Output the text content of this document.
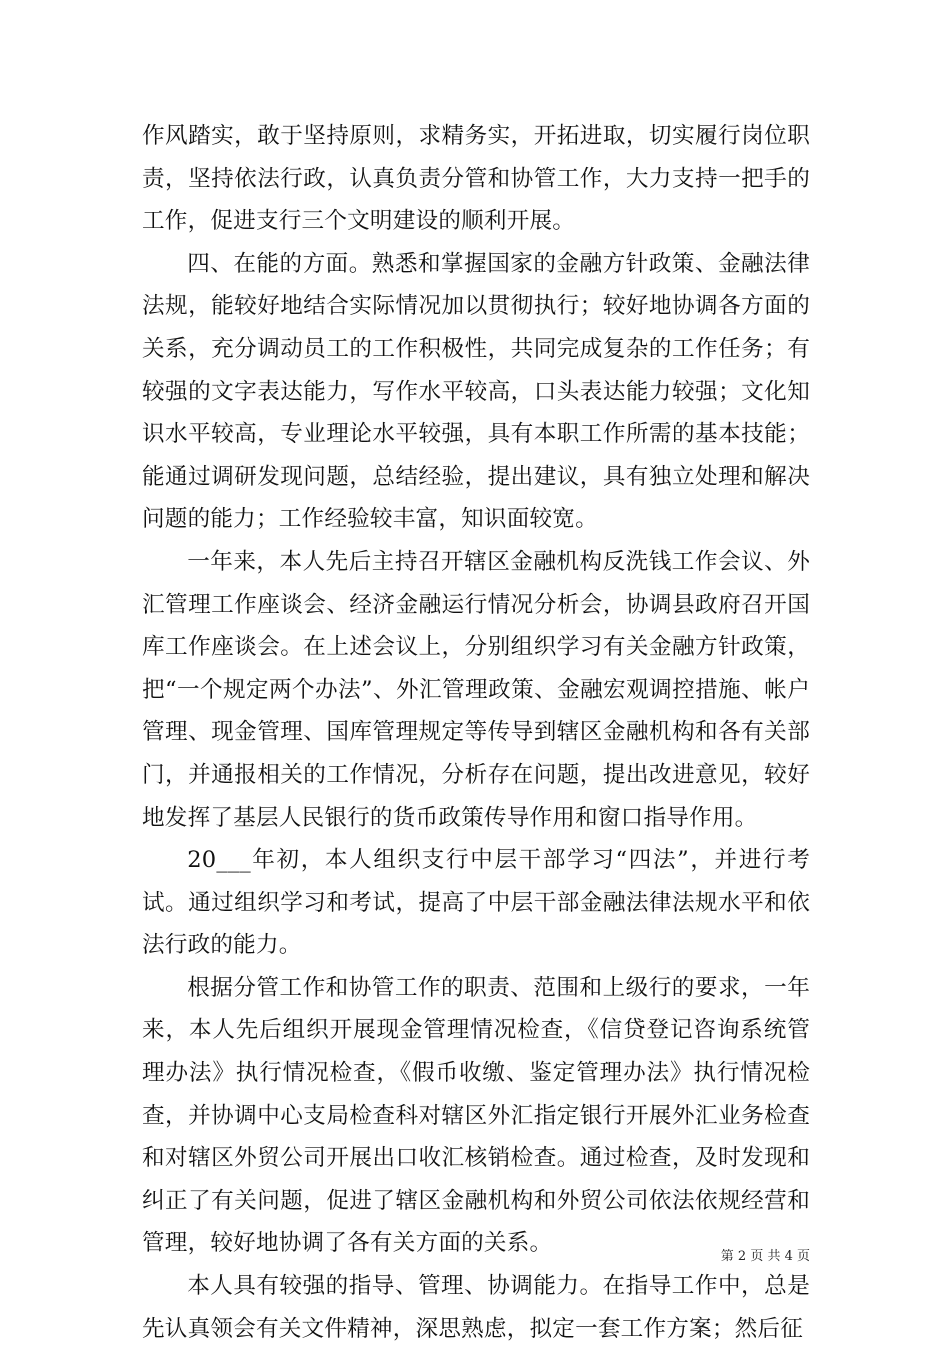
作风踏实，敢于坚持原则，求精务实，开拓进取，切实履行岗位职责，坚持依法行政，认真负责分管和协管工作，大力支持一把手的工作，促进支行三个文明建设的顺利开展。

四、在能的方面。熟悉和掌握国家的金融方针政策、金融法律法规，能较好地结合实际情况加以贯彻执行；较好地协调各方面的关系，充分调动员工的工作积极性，共同完成复杂的工作任务；有较强的文字表达能力，写作水平较高，口头表达能力较强；文化知识水平较高，专业理论水平较强，具有本职工作所需的基本技能；能通过调研发现问题，总结经验，提出建议，具有独立处理和解决问题的能力；工作经验较丰富，知识面较宽。

一年来，本人先后主持召开辖区金融机构反洗钱工作会议、外汇管理工作座谈会、经济金融运行情况分析会，协调县政府召开国库工作座谈会。在上述会议上，分别组织学习有关金融方针政策，把“一个规定两个办法”、外汇管理政策、金融宏观调控措施、帐户管理、现金管理、国库管理规定等传导到辖区金融机构和各有关部门，并通报相关的工作情况，分析存在问题，提出改进意见，较好地发挥了基层人民银行的货币政策传导作用和窗口指导作用。

20___年初，本人组织支行中层干部学习“四法”，并进行考试。通过组织学习和考试，提高了中层干部金融法律法规水平和依法行政的能力。

根据分管工作和协管工作的职责、范围和上级行的要求，一年来，本人先后组织开展现金管理情况检查，《信贷登记咨询系统管理办法》执行情况检查，《假币收缴、鉴定管理办法》执行情况检查，并协调中心支局检查科对辖区外汇指定银行开展外汇业务检查和对辖区外贸公司开展出口收汇核销检查。通过检查，及时发现和纠正了有关问题，促进了辖区金融机构和外贸公司依法依规经营和管理，较好地协调了各有关方面的关系。

本人具有较强的指导、管理、协调能力。在指导工作中，总是先认真领会有关文件精神，深思熟虑，拟定一套工作方案；然后征

第 2 页 共 4 页
